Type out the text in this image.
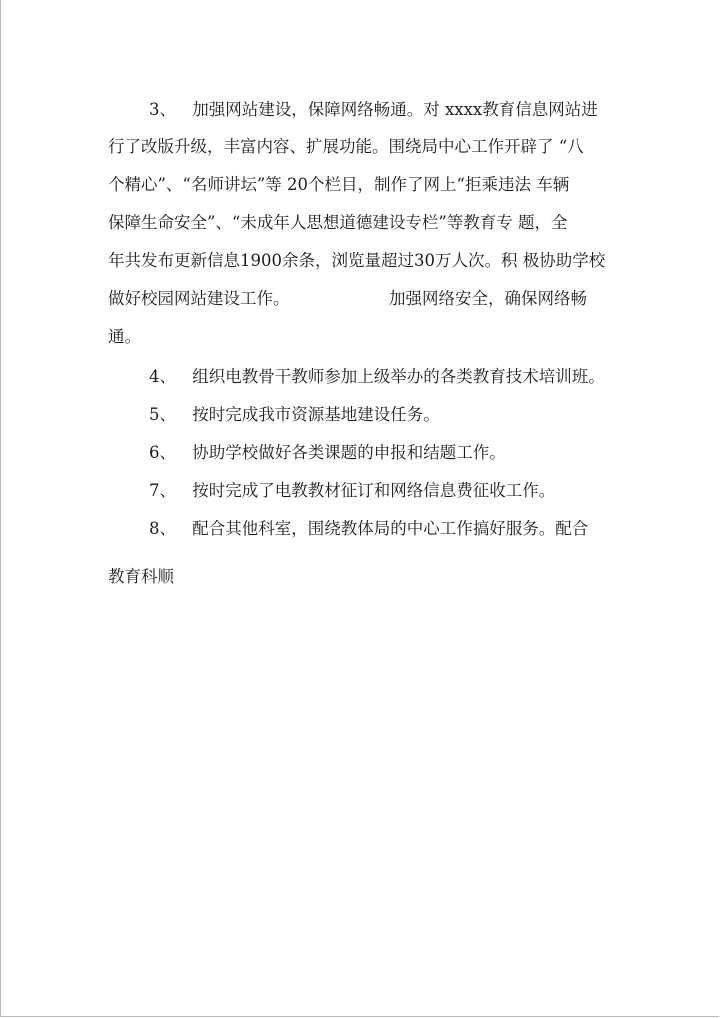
3、 加强网站建设，保障网络畅通。对 xxxx教育信息网站进
行了改版升级，丰富内容、扩展功能。围绕局中心工作开辟了 “八
个精心”、“名师讲坛”等 20个栏目，制作了网上“拒乘违法 车辆
保障生命安全”、“未成年人思想道德建设专栏”等教育专 题，全
年共发布更新信息1900余条，浏览量超过30万人次。积 极协助学校
做好校园网站建设工作。	加强网络安全，确保网络畅
通。
4、 组织电教骨干教师参加上级举办的各类教育技术培训班。
5、 按时完成我市资源基地建设任务。
6、 协助学校做好各类课题的申报和结题工作。
7、 按时完成了电教教材征订和网络信息费征收工作。
8、 配合其他科室，围绕教体局的中心工作搞好服务。配合
教育科顺
